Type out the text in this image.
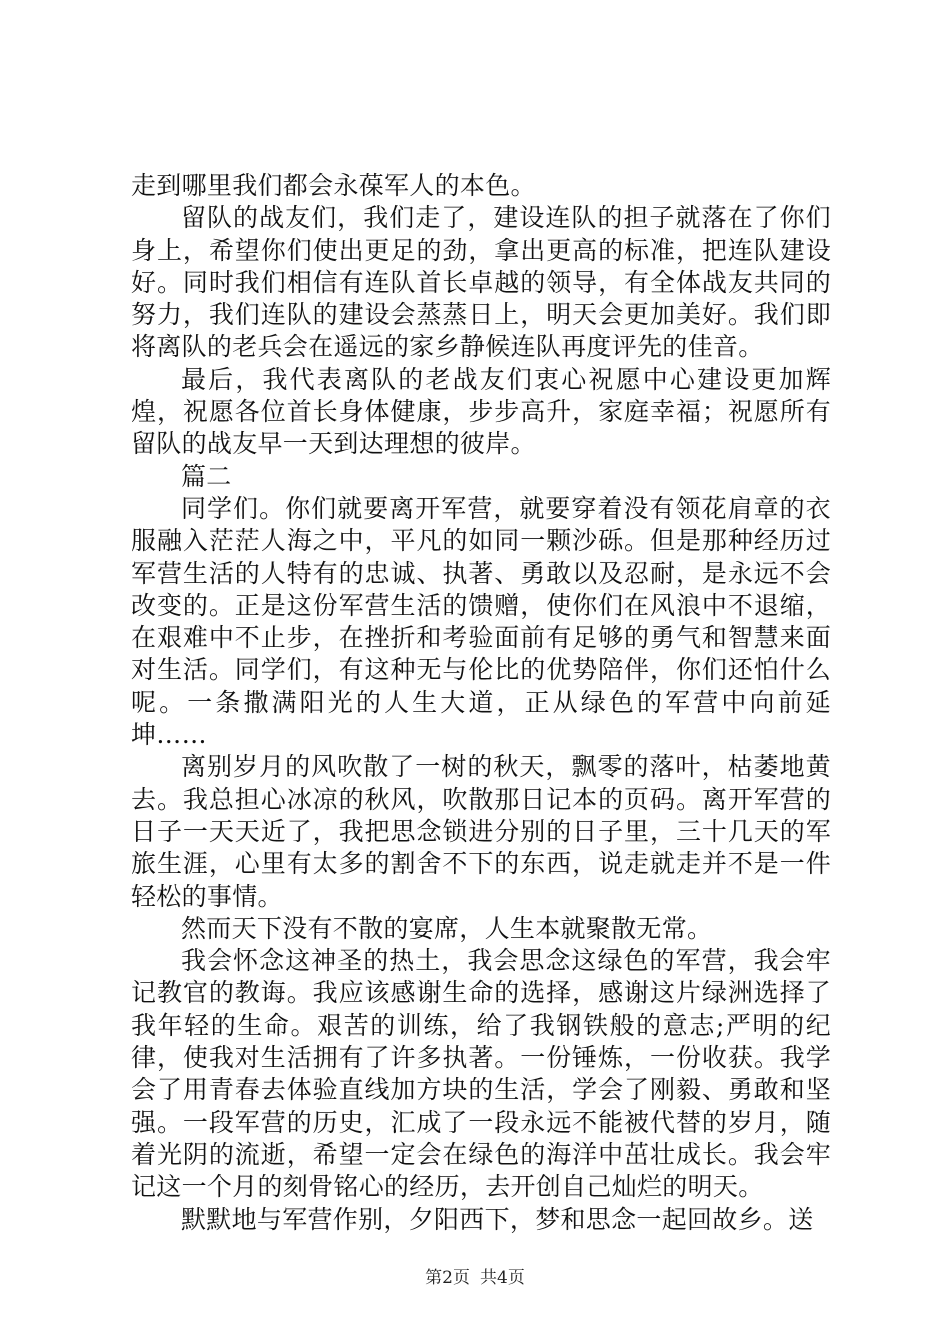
走到哪里我们都会永葆军人的本色。

留队的战友们，我们走了，建设连队的担子就落在了你们身上，希望你们使出更足的劲，拿出更高的标准，把连队建设好。同时我们相信有连队首长卓越的领导，有全体战友共同的努力，我们连队的建设会蒸蒸日上，明天会更加美好。我们即将离队的老兵会在遥远的家乡静候连队再度评先的佳音。

最后，我代表离队的老战友们衷心祝愿中心建设更加辉煌，祝愿各位首长身体健康，步步高升，家庭幸福；祝愿所有留队的战友早一天到达理想的彼岸。

篇二

同学们。你们就要离开军营，就要穿着没有领花肩章的衣服融入茫茫人海之中，平凡的如同一颗沙砾。但是那种经历过军营生活的人特有的忠诚、执著、勇敢以及忍耐，是永远不会改变的。正是这份军营生活的馈赠，使你们在风浪中不退缩，在艰难中不止步，在挫折和考验面前有足够的勇气和智慧来面对生活。同学们，有这种无与伦比的优势陪伴，你们还怕什么呢。一条撒满阳光的人生大道，正从绿色的军营中向前延坤……

离别岁月的风吹散了一树的秋天，飘零的落叶，枯萎地黄去。我总担心冰凉的秋风，吹散那日记本的页码。离开军营的日子一天天近了，我把思念锁进分别的日子里，三十几天的军旅生涯，心里有太多的割舍不下的东西，说走就走并不是一件轻松的事情。

然而天下没有不散的宴席，人生本就聚散无常。

我会怀念这神圣的热土，我会思念这绿色的军营，我会牢记教官的教诲。我应该感谢生命的选择，感谢这片绿洲选择了我年轻的生命。艰苦的训练，给了我钢铁般的意志;严明的纪律，使我对生活拥有了许多执著。一份锤炼，一份收获。我学会了用青春去体验直线加方块的生活，学会了刚毅、勇敢和坚强。一段军营的历史，汇成了一段永远不能被代替的岁月，随着光阴的流逝，希望一定会在绿色的海洋中茁壮成长。我会牢记这一个月的刻骨铭心的经历，去开创自己灿烂的明天。

默默地与军营作别，夕阳西下，梦和思念一起回故乡。送

第2页 共4页
